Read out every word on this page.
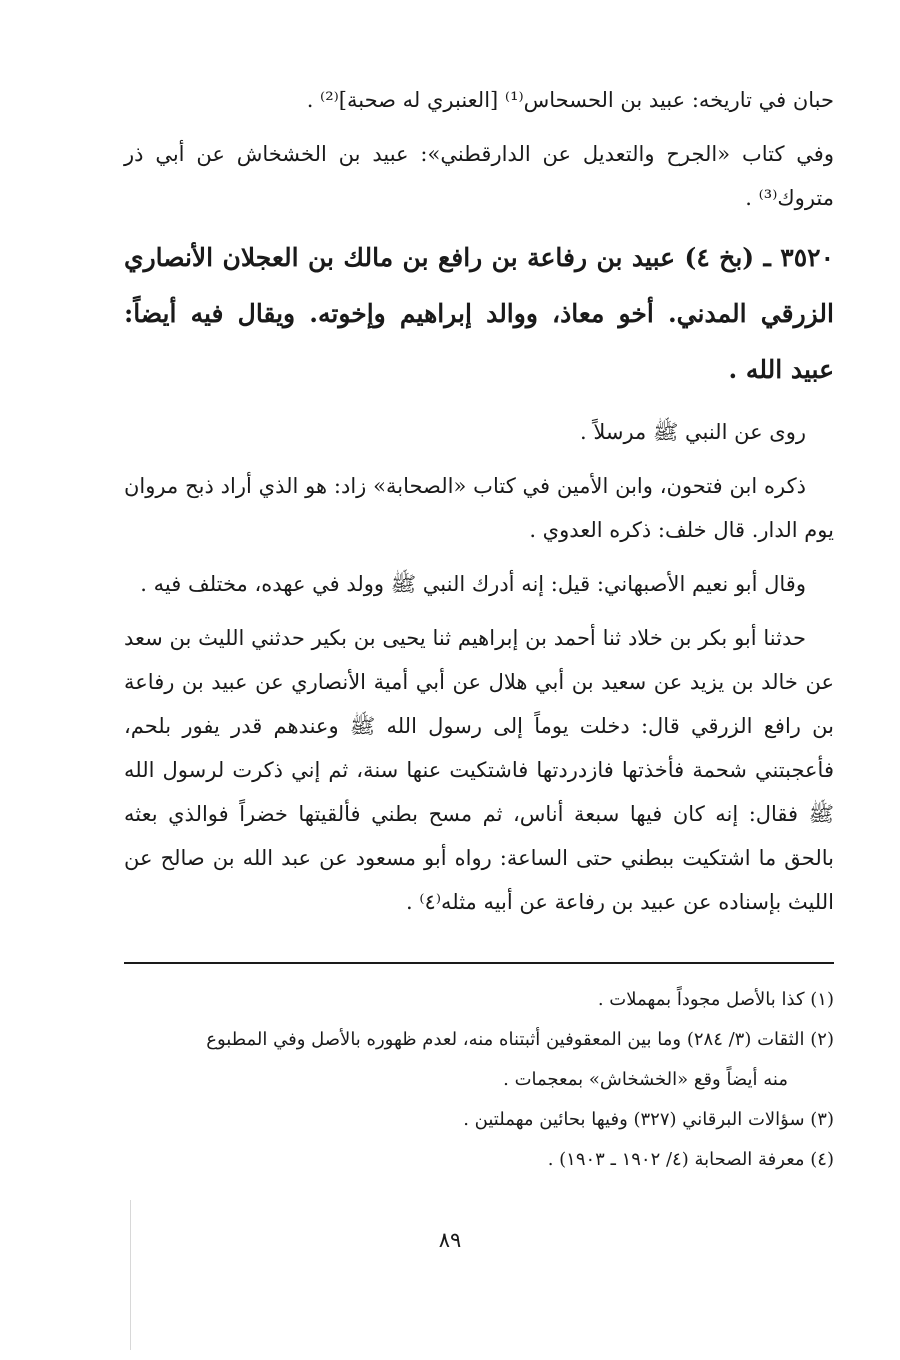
حبان في تاريخه: عبيد بن الحسحاس⁽¹⁾ [العنبري له صحبة]⁽²⁾ .

وفي كتاب «الجرح والتعديل عن الدارقطني»: عبيد بن الخشخاش عن أبي ذر متروك⁽³⁾ .

٣٥٢٠ ـ (بخ ٤) عبيد بن رفاعة بن رافع بن مالك بن العجلان الأنصاري الزرقي المدني. أخو معاذ، ووالد إبراهيم وإخوته. ويقال فيه أيضاً: عبيد الله .

روى عن النبي ﷺ مرسلاً .

ذكره ابن فتحون، وابن الأمين في كتاب «الصحابة» زاد: هو الذي أراد ذبح مروان يوم الدار. قال خلف: ذكره العدوي .

وقال أبو نعيم الأصبهاني: قيل: إنه أدرك النبي ﷺ وولد في عهده، مختلف فيه .

حدثنا أبو بكر بن خلاد ثنا أحمد بن إبراهيم ثنا يحيى بن بكير حدثني الليث بن سعد عن خالد بن يزيد عن سعيد بن أبي هلال عن أبي أمية الأنصاري عن عبيد بن رفاعة بن رافع الزرقي قال: دخلت يوماً إلى رسول الله ﷺ وعندهم قدر يفور بلحم، فأعجبتني شحمة فأخذتها فازدردتها فاشتكيت عنها سنة، ثم إني ذكرت لرسول الله ﷺ فقال: إنه كان فيها سبعة أناس، ثم مسح بطني فألقيتها خضراً فوالذي بعثه بالحق ما اشتكيت ببطني حتى الساعة: رواه أبو مسعود عن عبد الله بن صالح عن الليث بإسناده عن عبيد بن رفاعة عن أبيه مثله⁽٤⁾ .

(١) كذا بالأصل مجوداً بمهملات .

(٢) الثقات (٣/ ٢٨٤) وما بين المعقوفين أثبتناه منه، لعدم ظهوره بالأصل وفي المطبوع

منه أيضاً وقع «الخشخاش» بمعجمات .

(٣) سؤالات البرقاني (٣٢٧) وفيها بحائين مهملتين .

(٤) معرفة الصحابة (٤/ ١٩٠٢ ـ ١٩٠٣) .

٨٩
